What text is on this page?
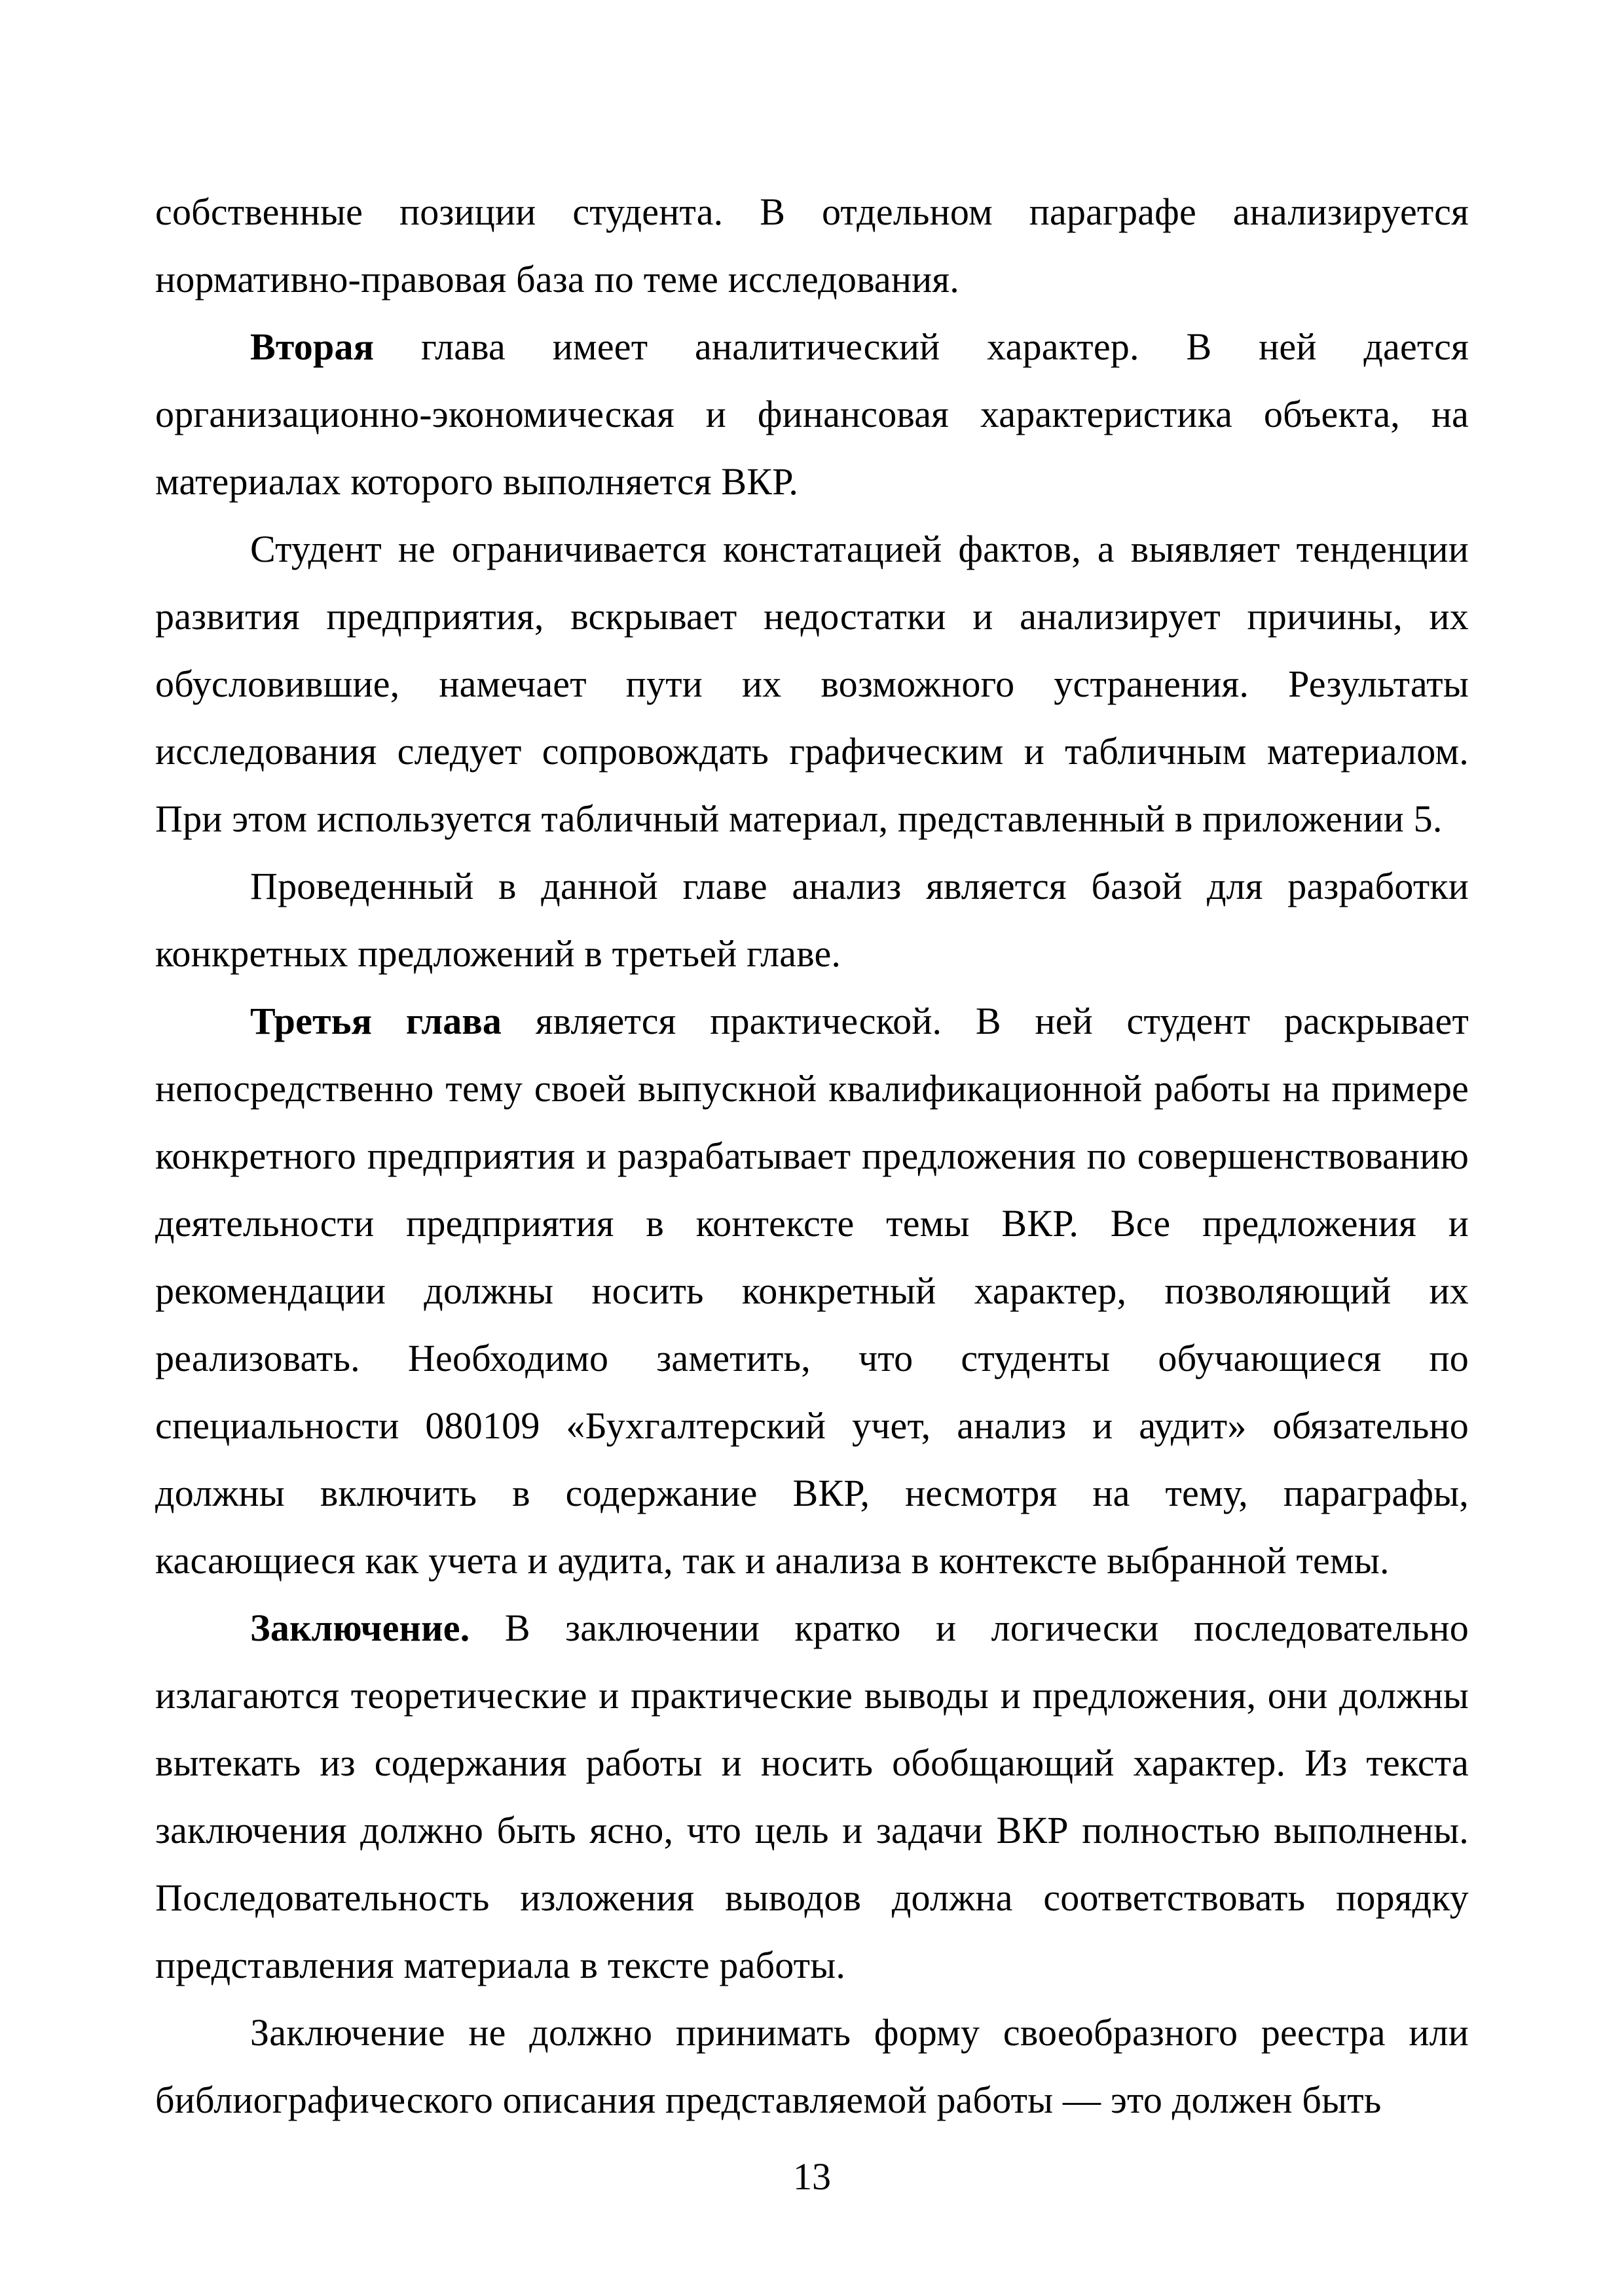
собственные позиции студента. В отдельном параграфе анализируется нормативно-правовая база по теме исследования.

Вторая глава имеет аналитический характер. В ней дается организационно-экономическая и финансовая характеристика объекта, на материалах которого выполняется ВКР.

Студент не ограничивается констатацией фактов, а выявляет тенденции развития предприятия, вскрывает недостатки и анализирует причины, их обусловившие, намечает пути их возможного устранения. Результаты исследования следует сопровождать графическим и табличным материалом. При этом используется табличный материал, представленный в приложении 5.

Проведенный в данной главе анализ является базой для разработки конкретных предложений в третьей главе.

Третья глава является практической. В ней студент раскрывает непосредственно тему своей выпускной квалификационной работы на примере конкретного предприятия и разрабатывает предложения по совершенствованию деятельности предприятия в контексте темы ВКР. Все предложения и рекомендации должны носить конкретный характер, позволяющий их реализовать. Необходимо заметить, что студенты обучающиеся по специальности 080109 «Бухгалтерский учет, анализ и аудит» обязательно должны включить в содержание ВКР, несмотря на тему, параграфы, касающиеся как учета и аудита, так и анализа в контексте выбранной темы.

Заключение. В заключении кратко и логически последовательно излагаются теоретические и практические выводы и предложения, они должны вытекать из содержания работы и носить обобщающий характер. Из текста заключения должно быть ясно, что цель и задачи ВКР полностью выполнены. Последовательность изложения выводов должна соответствовать порядку представления материала в тексте работы.

Заключение не должно принимать форму своеобразного реестра или библиографического описания представляемой работы — это должен быть

13
